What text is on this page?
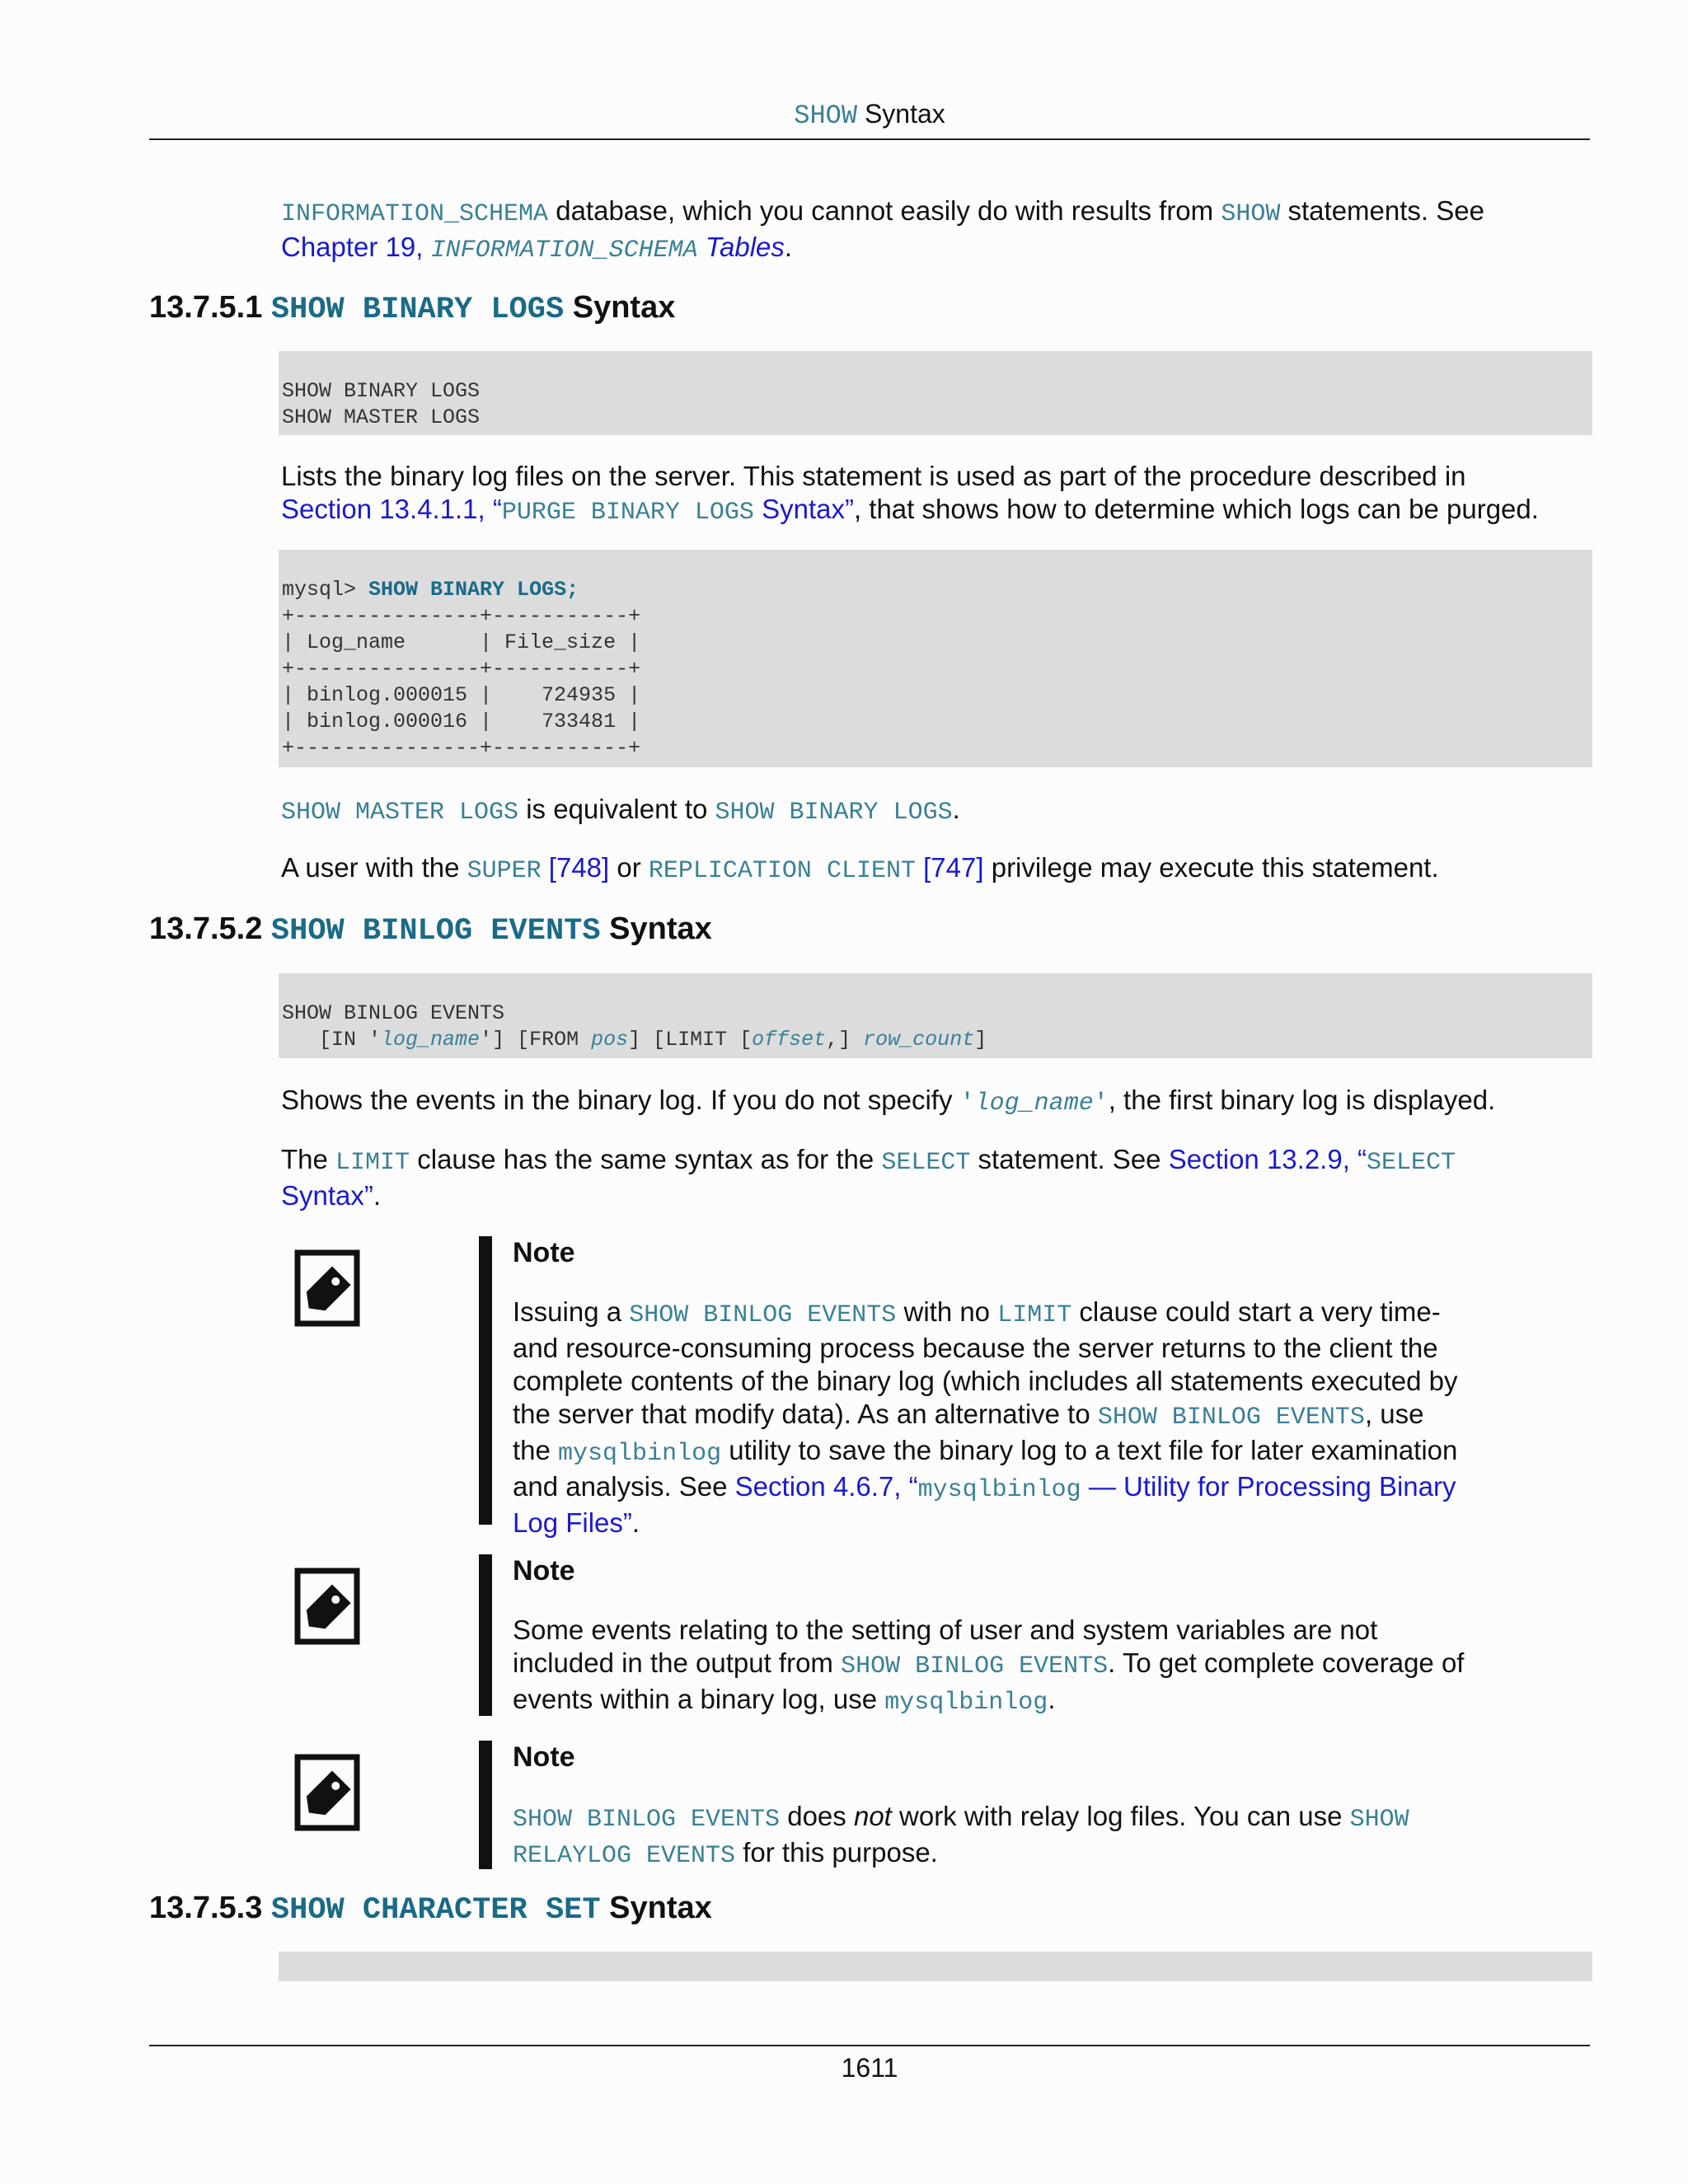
SHOW Syntax

INFORMATION_SCHEMA database, which you cannot easily do with results from SHOW statements. See
Chapter 19, INFORMATION_SCHEMA Tables.

13.7.5.1 SHOW BINARY LOGS Syntax
SHOW BINARY LOGS
SHOW MASTER LOGS

Lists the binary log files on the server. This statement is used as part of the procedure described in
Section 13.4.1.1, “PURGE BINARY LOGS Syntax”, that shows how to determine which logs can be purged.

mysql> SHOW BINARY LOGS;
+---------------+-----------+
| Log_name      | File_size |
+---------------+-----------+
| binlog.000015 |    724935 |
| binlog.000016 |    733481 |
+---------------+-----------+

SHOW MASTER LOGS is equivalent to SHOW BINARY LOGS.

A user with the SUPER [748] or REPLICATION CLIENT [747] privilege may execute this statement.

13.7.5.2 SHOW BINLOG EVENTS Syntax
SHOW BINLOG EVENTS
[IN 'log_name'] [FROM pos] [LIMIT [offset,] row_count]

Shows the events in the binary log. If you do not specify 'log_name', the first binary log is displayed.

The LIMIT clause has the same syntax as for the SELECT statement. See Section 13.2.9, “SELECT
Syntax”.

Note
Issuing a SHOW BINLOG EVENTS with no LIMIT clause could start a very time- and resource-consuming process because the server returns to the client the complete contents of the binary log (which includes all statements executed by the server that modify data). As an alternative to SHOW BINLOG EVENTS, use the mysqlbinlog utility to save the binary log to a text file for later examination and analysis. See Section 4.6.7, “mysqlbinlog — Utility for Processing Binary Log Files”.
Note
Some events relating to the setting of user and system variables are not included in the output from SHOW BINLOG EVENTS. To get complete coverage of events within a binary log, use mysqlbinlog.
Note
SHOW BINLOG EVENTS does not work with relay log files. You can use SHOW RELAYLOG EVENTS for this purpose.
13.7.5.3 SHOW CHARACTER SET Syntax
1611
